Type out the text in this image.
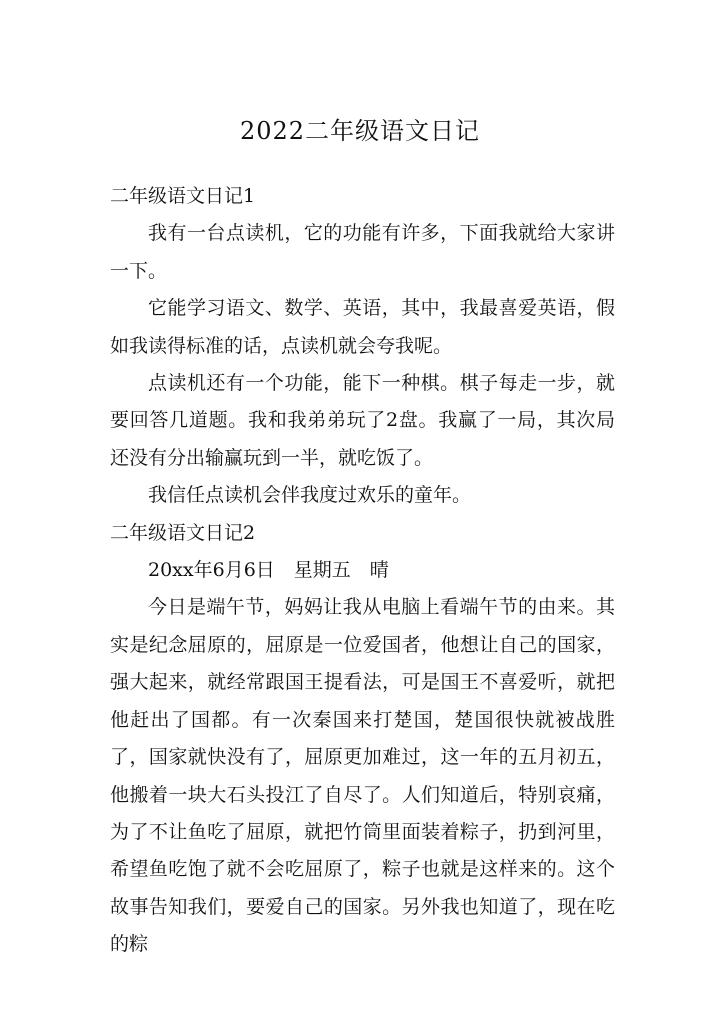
2022二年级语文日记

二年级语文日记1

我有一台点读机，它的功能有许多，下面我就给大家讲一下。

它能学习语文、数学、英语，其中，我最喜爱英语，假如我读得标准的话，点读机就会夸我呢。

点读机还有一个功能，能下一种棋。棋子每走一步，就要回答几道题。我和我弟弟玩了2盘。我赢了一局，其次局还没有分出输赢玩到一半，就吃饭了。

我信任点读机会伴我度过欢乐的童年。

二年级语文日记2

20xx年6月6日　星期五　晴

今日是端午节，妈妈让我从电脑上看端午节的由来。其实是纪念屈原的，屈原是一位爱国者，他想让自己的国家，强大起来，就经常跟国王提看法，可是国王不喜爱听，就把他赶出了国都。有一次秦国来打楚国，楚国很快就被战胜了，国家就快没有了，屈原更加难过，这一年的五月初五，他搬着一块大石头投江了自尽了。人们知道后，特别哀痛，为了不让鱼吃了屈原，就把竹筒里面装着粽子，扔到河里，希望鱼吃饱了就不会吃屈原了，粽子也就是这样来的。这个故事告知我们，要爱自己的国家。另外我也知道了，现在吃的粽
